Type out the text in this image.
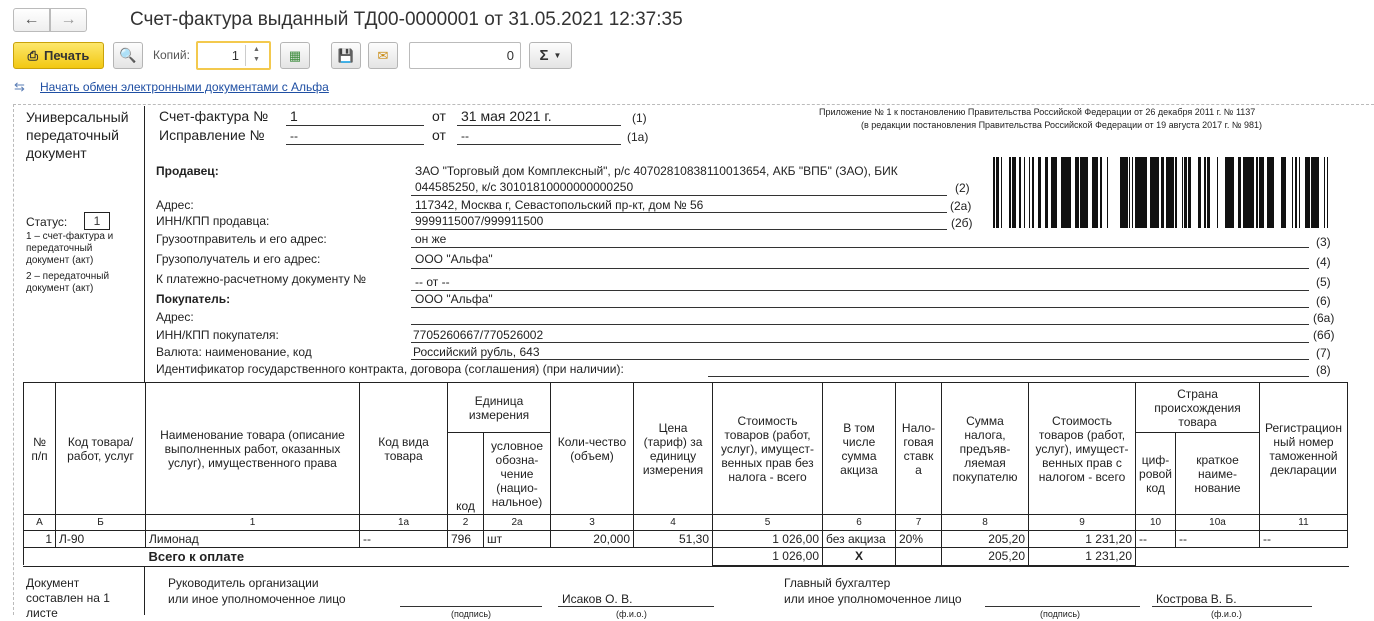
← →	Счет-фактура выданный ТД00-0000001 от 31.05.2021 12:37:35
⎙ Печать 🔍 Копий:	1	▲
▼	▦	💾 ✉	0	Σ ▼
⇆ Начать обмен электронными документами с Альфа
Универсальный передаточный документ
Статус:	1
1 – счет-фактура и передаточный документ (акт)
2 – передаточный документ (акт)
Счет-фактура № 1	от 31 мая 2021 г.	(1)
Исправление № --	от --	(1а)
Приложение № 1 к постановлению Правительства Российской Федерации от 26 декабря 2011 г. № 1137
(в редакции постановления Правительства Российской Федерации от 19 августа 2017 г. № 981)
Продавец:	ЗАО "Торговый дом Комплексный", р/с 40702810838110013654, АКБ "ВПБ" (ЗАО), БИК
044585250, к/с 30101810000000000250	(2)
Адрес:	117342, Москва г, Севастопольский пр-кт, дом № 56	(2а)
ИНН/КПП продавца:	9999115007/999911500	(2б)
Грузоотправитель и его адрес:	он же	(3)
Грузополучатель и его адрес:	ООО "Альфа"	(4)
К платежно-расчетному документу №	-- от --	(5)
Покупатель:	ООО "Альфа"	(6)
Адрес:	(6а)
ИНН/КПП покупателя:	7705260667/770526002	(6б)
Валюта: наименование, код	Российский рубль, 643	(7)
Идентификатор государственного контракта, договора (соглашения) (при наличии):	(8)
№ п/п	Код товара/ работ, услуг	Наименование товара (описание выполненных работ, оказанных услуг), имущественного права	Код вида товара	Единица измерения		Коли-чество (объем)	Цена (тариф) за единицу измерения	Стоимость товаров (работ, услуг), имущест-венных прав без налога - всего	В том числе сумма акциза	Нало-говая ставк а	Сумма налога, предъяв-ляемая покупателю	Стоимость товаров (работ, услуг), имущест-венных прав с налогом - всего	Страна происхождения товара		Регистрацион ный номер таможенной декларации
				код	условное обозна-чение (нацио-нальное)								циф-ровой код	краткое наиме-нование	
А	Б	1	1а	2	2а	3	4	5	6	7	8	9	10	10а	11
1	Л-90	Лимонад	--	796	шт	20,000	51,30	1 026,00	без акциза	20%	205,20	1 231,20	--	--	--
		Всего к оплате						1 026,00	X		205,20	1 231,20			
Документ составлен на 1 листе
Руководитель организации
или иное уполномоченное лицо
(подпись)
Исаков О. В.
(ф.и.о.)
Главный бухгалтер
или иное уполномоченное лицо
(подпись)
Кострова В. Б.
(ф.и.о.)
